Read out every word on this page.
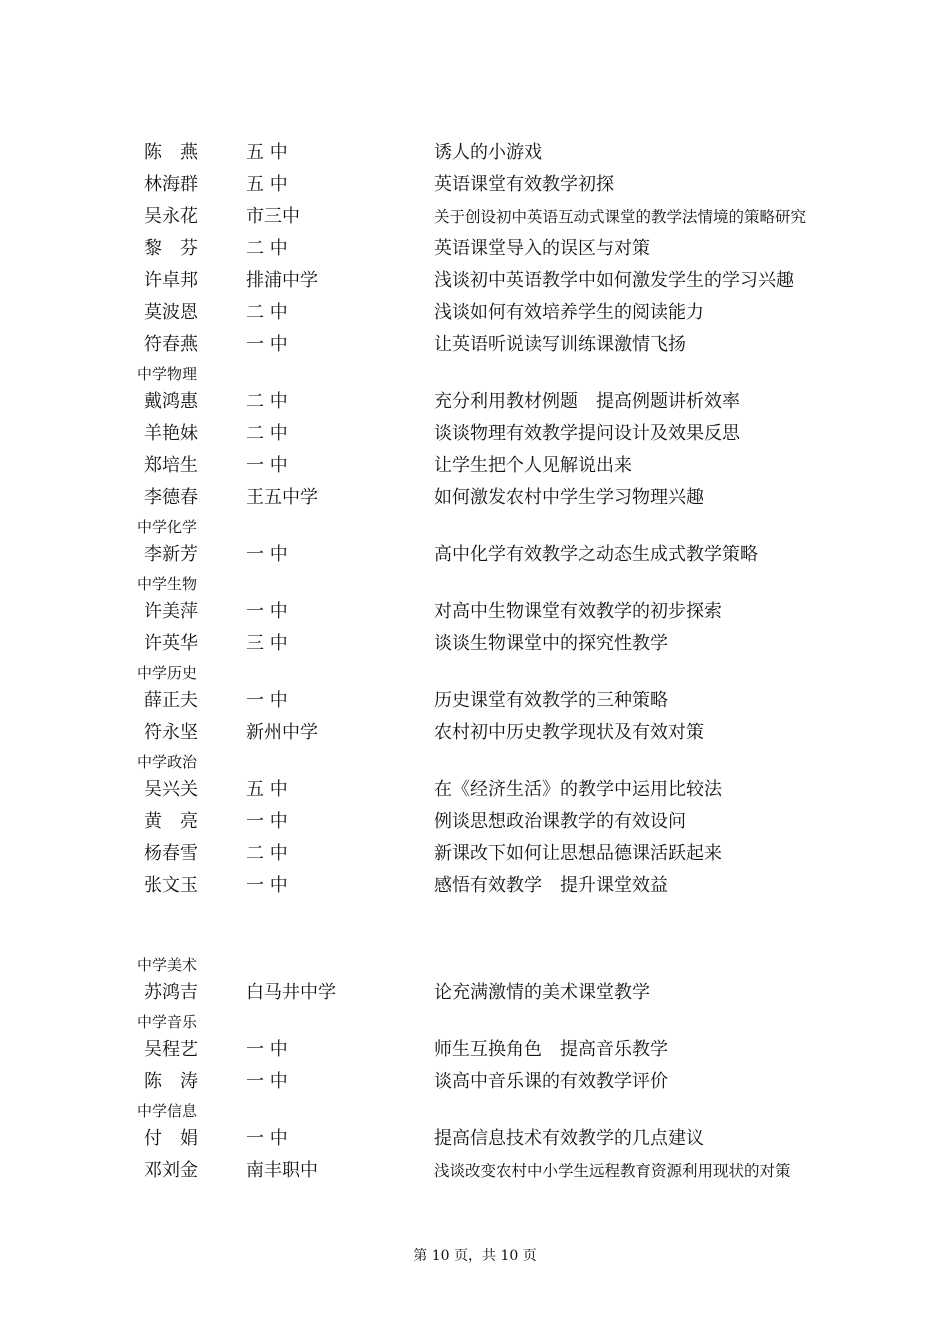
陈　燕	五 中	诱人的小游戏
林海群	五 中	英语课堂有效教学初探
吴永花	市三中	关于创设初中英语互动式课堂的教学法情境的策略研究
黎　芬	二 中	英语课堂导入的误区与对策
许卓邦	排浦中学	浅谈初中英语教学中如何激发学生的学习兴趣
莫波恩	二 中	浅谈如何有效培养学生的阅读能力
符春燕	一 中	让英语听说读写训练课激情飞扬
中学物理
戴鸿惠	二 中	充分利用教材例题　提高例题讲析效率
羊艳妹	二 中	谈谈物理有效教学提问设计及效果反思
郑培生	一 中	让学生把个人见解说出来
李德春	王五中学	如何激发农村中学生学习物理兴趣
中学化学
李新芳	一 中	高中化学有效教学之动态生成式教学策略
中学生物
许美萍	一 中	对高中生物课堂有效教学的初步探索
许英华	三 中	谈谈生物课堂中的探究性教学
中学历史
薛正夫	一 中	历史课堂有效教学的三种策略
符永坚	新州中学	农村初中历史教学现状及有效对策
中学政治
吴兴关	五 中	在《经济生活》的教学中运用比较法
黄　亮	一 中	例谈思想政治课教学的有效设问
杨春雪	二 中	新课改下如何让思想品德课活跃起来
张文玉	一 中	感悟有效教学　提升课堂效益
中学美术
苏鸿吉	白马井中学	论充满激情的美术课堂教学
中学音乐
吴程艺	一 中	师生互换角色　提高音乐教学
陈　涛	一 中	谈高中音乐课的有效教学评价
中学信息
付　娟	一 中	提高信息技术有效教学的几点建议
邓刘金	南丰职中	浅谈改变农村中小学生远程教育资源利用现状的对策
第 10 页，共 10 页
